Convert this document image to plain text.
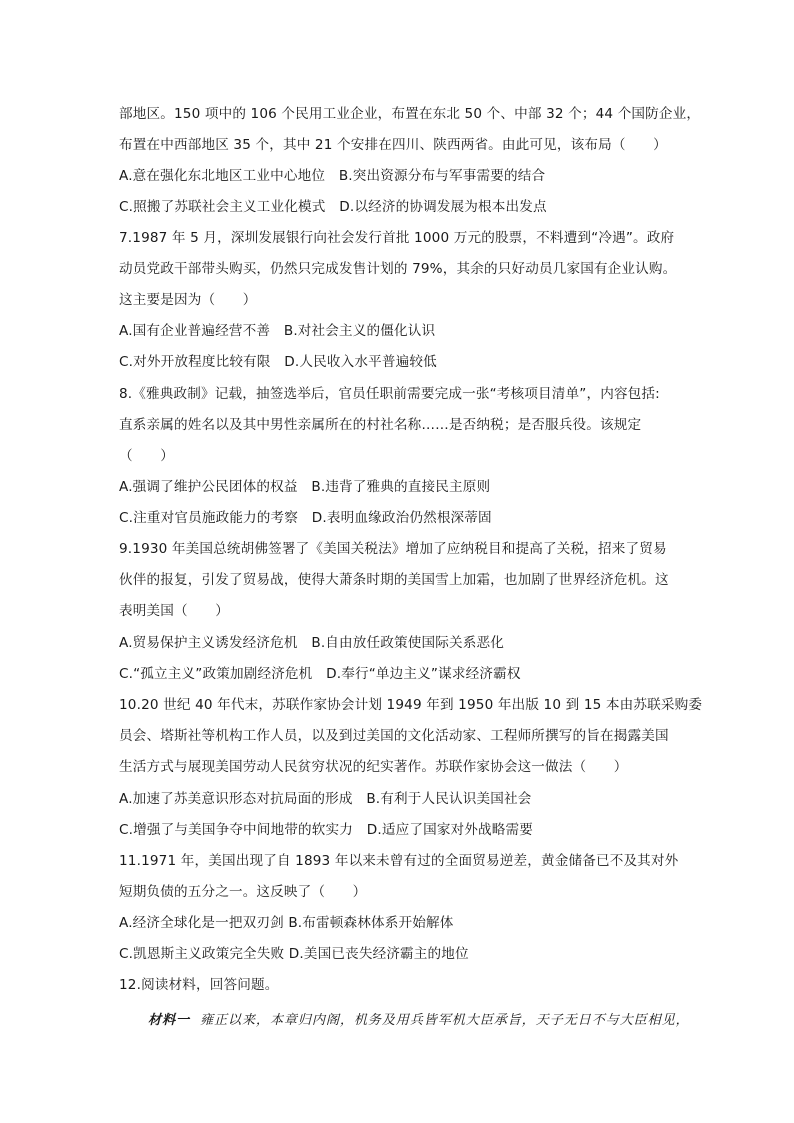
部地区。150 项中的 106 个民用工业企业，布置在东北 50 个、中部 32 个；44 个国防企业，
布置在中西部地区 35 个，其中 21 个安排在四川、陕西两省。由此可见，该布局（　　）
A.意在强化东北地区工业中心地位　B.突出资源分布与军事需要的结合
C.照搬了苏联社会主义工业化模式　D.以经济的协调发展为根本出发点
7.1987 年 5 月，深圳发展银行向社会发行首批 1000 万元的股票，不料遭到“冷遇”。政府
动员党政干部带头购买，仍然只完成发售计划的 79%，其余的只好动员几家国有企业认购。
这主要是因为（　　）
A.国有企业普遍经营不善　B.对社会主义的僵化认识
C.对外开放程度比较有限　D.人民收入水平普遍较低
8.《雅典政制》记载，抽签选举后，官员任职前需要完成一张“考核项目清单”，内容包括:
直系亲属的姓名以及其中男性亲属所在的村社名称……是否纳税；是否服兵役。该规定
（　　）
A.强调了维护公民团体的权益　B.违背了雅典的直接民主原则
C.注重对官员施政能力的考察　D.表明血缘政治仍然根深蒂固
9.1930 年美国总统胡佛签署了《美国关税法》增加了应纳税目和提高了关税，招来了贸易
伙伴的报复，引发了贸易战，使得大萧条时期的美国雪上加霜，也加剧了世界经济危机。这
表明美国（　　）
A.贸易保护主义诱发经济危机　B.自由放任政策使国际关系恶化
C.“孤立主义”政策加剧经济危机　D.奉行“单边主义”谋求经济霸权
10.20 世纪 40 年代末，苏联作家协会计划 1949 年到 1950 年出版 10 到 15 本由苏联采购委
员会、塔斯社等机构工作人员，以及到过美国的文化活动家、工程师所撰写的旨在揭露美国
生活方式与展现美国劳动人民贫穷状况的纪实著作。苏联作家协会这一做法（　　）
A.加速了苏美意识形态对抗局面的形成　B.有利于人民认识美国社会
C.增强了与美国争夺中间地带的软实力　D.适应了国家对外战略需要
11.1971 年，美国出现了自 1893 年以来未曾有过的全面贸易逆差，黄金储备已不及其对外
短期负债的五分之一。这反映了（　　）
A.经济全球化是一把双刃剑 B.布雷顿森林体系开始解体
C.凯恩斯主义政策完全失败 D.美国已丧失经济霸主的地位
12.阅读材料，回答问题。
材料一 雍正以来，本章归内阁，机务及用兵皆军机大臣承旨，天子无日不与大臣相见，
